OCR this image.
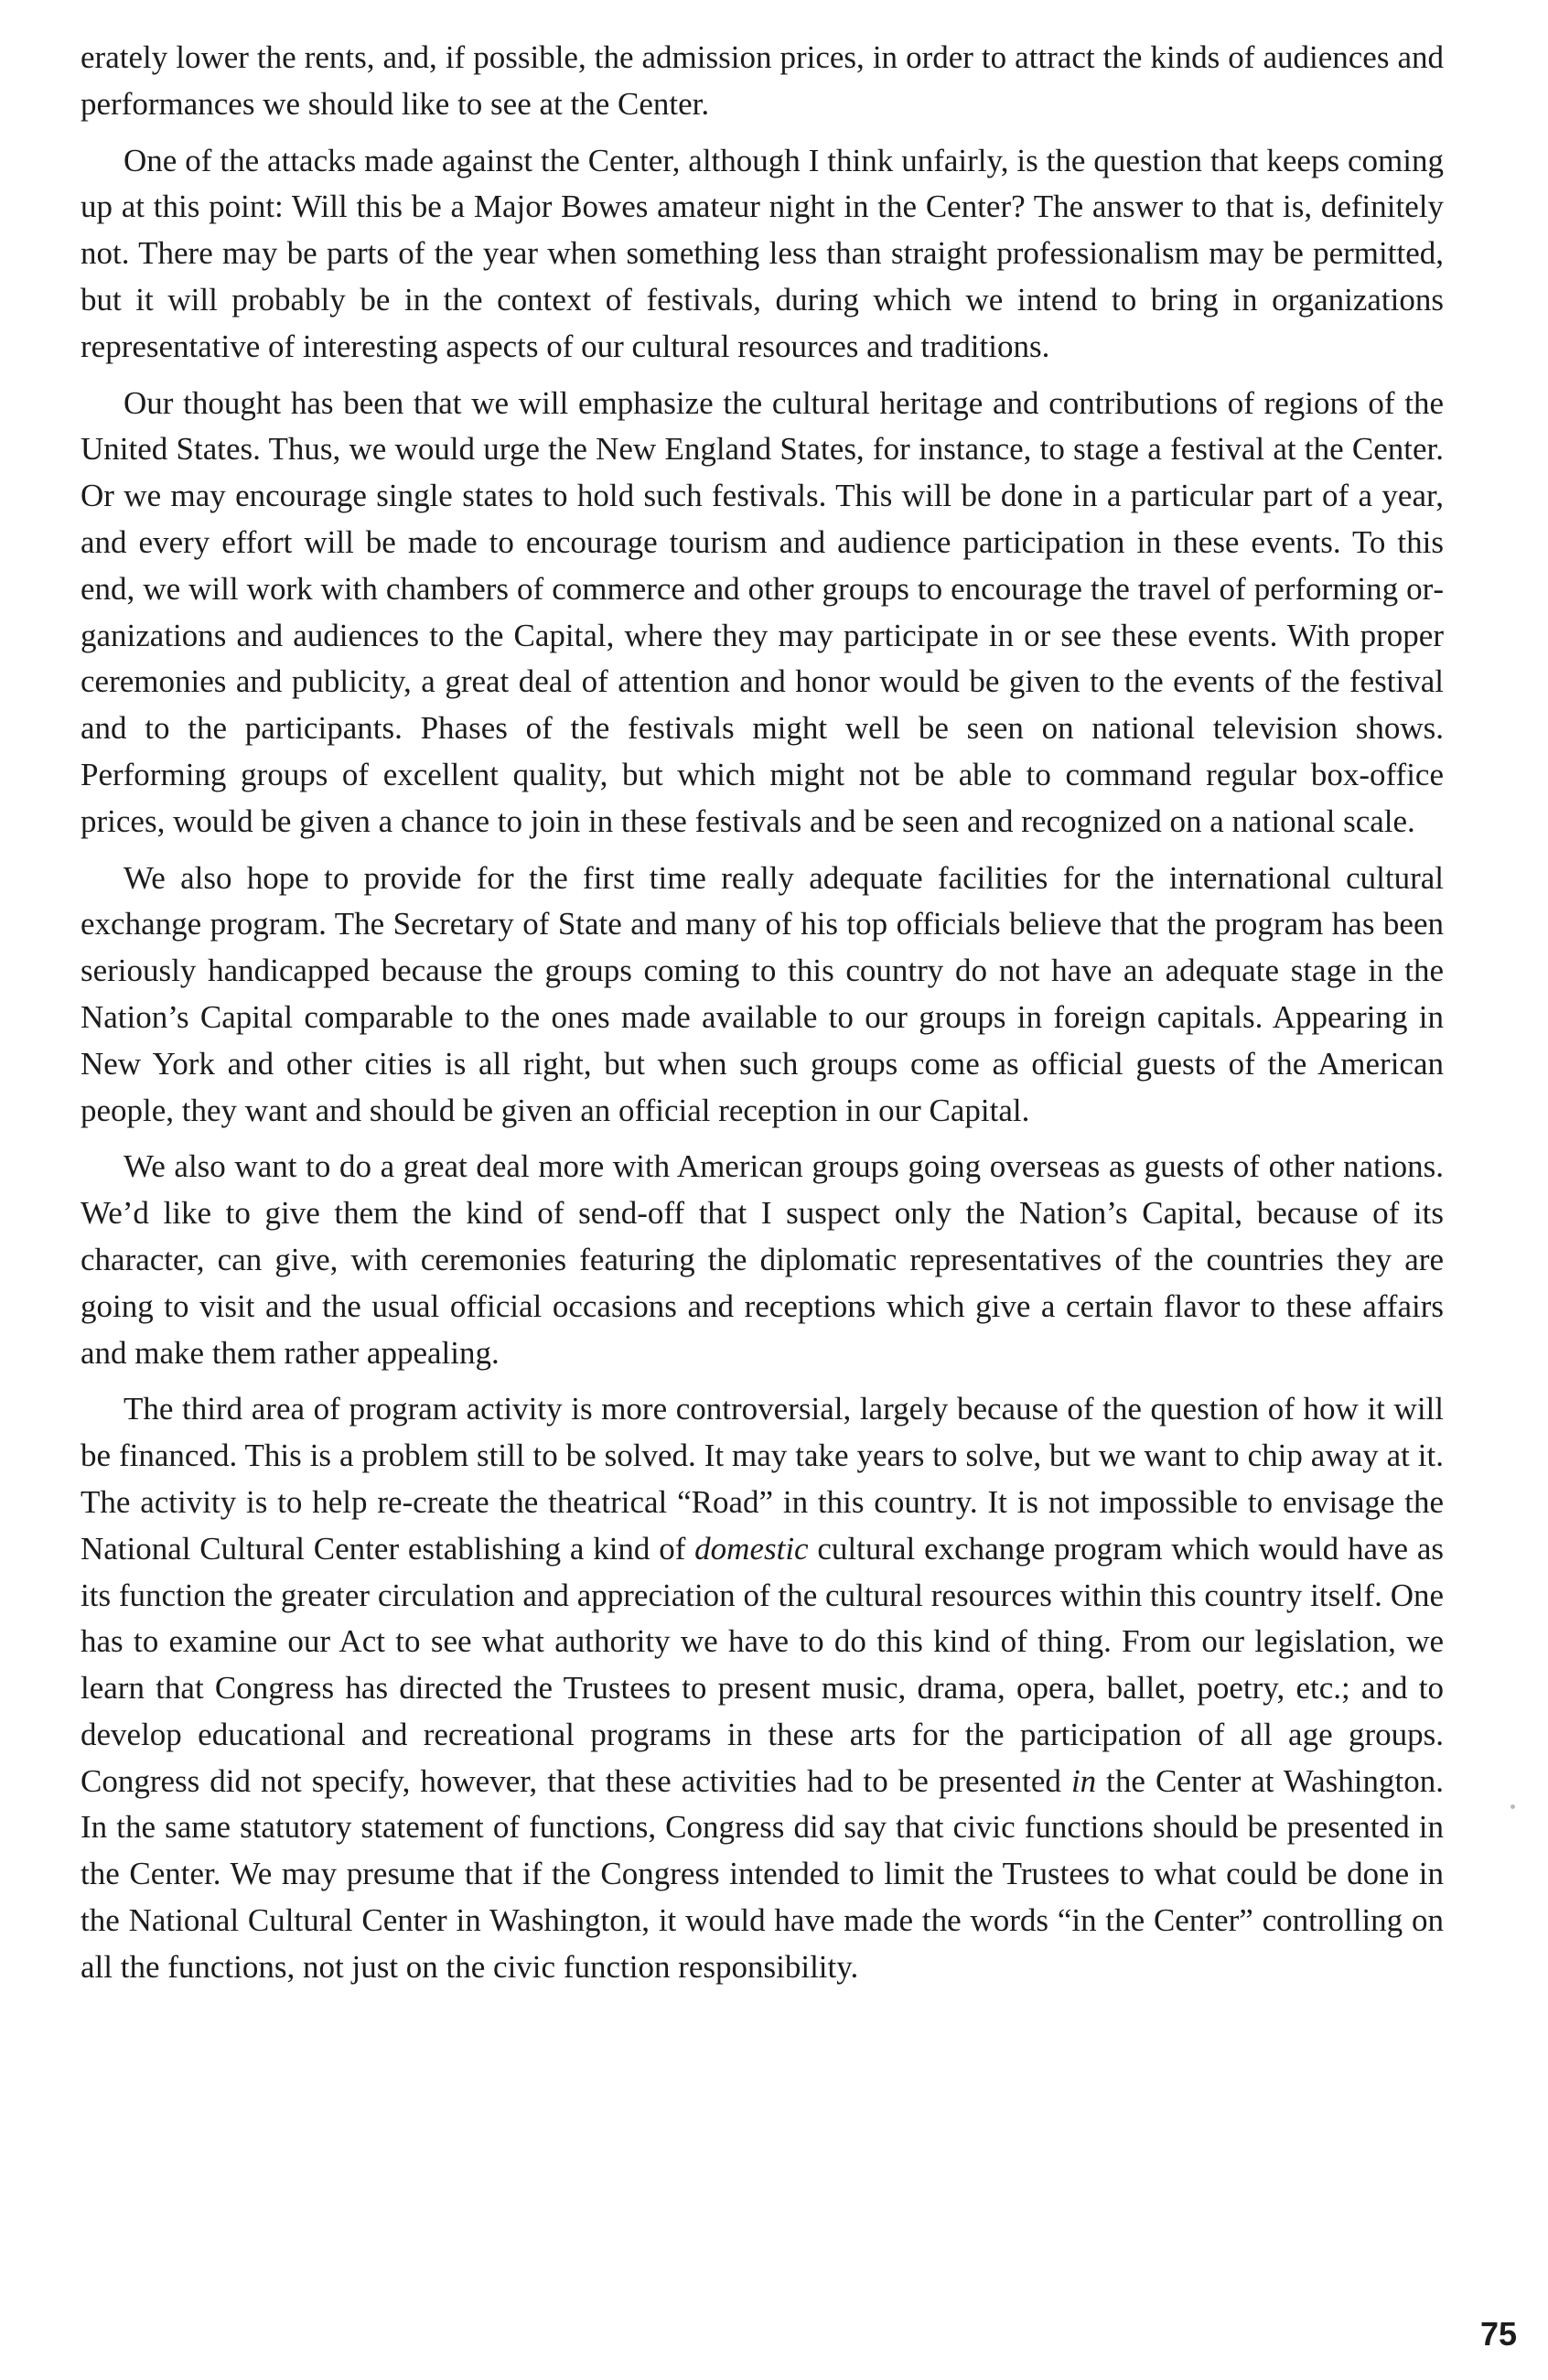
erately lower the rents, and, if possible, the admission prices, in order to attract the kinds of audiences and performances we should like to see at the Center.

One of the attacks made against the Center, although I think unfairly, is the question that keeps coming up at this point: Will this be a Major Bowes amateur night in the Center? The answer to that is, definitely not. There may be parts of the year when something less than straight professionalism may be permitted, but it will probably be in the context of festivals, during which we intend to bring in organizations representative of interesting aspects of our cultural resources and traditions.

Our thought has been that we will emphasize the cultural heritage and contributions of regions of the United States. Thus, we would urge the New England States, for instance, to stage a festival at the Center. Or we may encourage single states to hold such festivals. This will be done in a particular part of a year, and every effort will be made to encourage tourism and audience participation in these events. To this end, we will work with chambers of commerce and other groups to encourage the travel of performing organizations and audiences to the Capital, where they may participate in or see these events. With proper ceremonies and publicity, a great deal of attention and honor would be given to the events of the festival and to the participants. Phases of the festivals might well be seen on national television shows. Performing groups of excellent quality, but which might not be able to command regular box-office prices, would be given a chance to join in these festivals and be seen and recognized on a national scale.

We also hope to provide for the first time really adequate facilities for the international cultural exchange program. The Secretary of State and many of his top officials believe that the program has been seriously handicapped because the groups coming to this country do not have an adequate stage in the Nation’s Capital comparable to the ones made available to our groups in foreign capitals. Appearing in New York and other cities is all right, but when such groups come as official guests of the American people, they want and should be given an official reception in our Capital.

We also want to do a great deal more with American groups going overseas as guests of other nations. We’d like to give them the kind of send-off that I suspect only the Nation’s Capital, because of its character, can give, with ceremonies featuring the diplomatic representatives of the countries they are going to visit and the usual official occasions and receptions which give a certain flavor to these affairs and make them rather appealing.

The third area of program activity is more controversial, largely because of the question of how it will be financed. This is a problem still to be solved. It may take years to solve, but we want to chip away at it. The activity is to help re-create the theatrical “Road” in this country. It is not impossible to envisage the National Cultural Center establishing a kind of domestic cultural exchange program which would have as its function the greater circulation and appreciation of the cultural resources within this country itself. One has to examine our Act to see what authority we have to do this kind of thing. From our legislation, we learn that Congress has directed the Trustees to present music, drama, opera, ballet, poetry, etc.; and to develop educational and recreational programs in these arts for the participation of all age groups. Congress did not specify, however, that these activities had to be presented in the Center at Washington. In the same statutory statement of functions, Congress did say that civic functions should be presented in the Center. We may presume that if the Congress intended to limit the Trustees to what could be done in the National Cultural Center in Washington, it would have made the words “in the Center” controlling on all the functions, not just on the civic function responsibility.

75
